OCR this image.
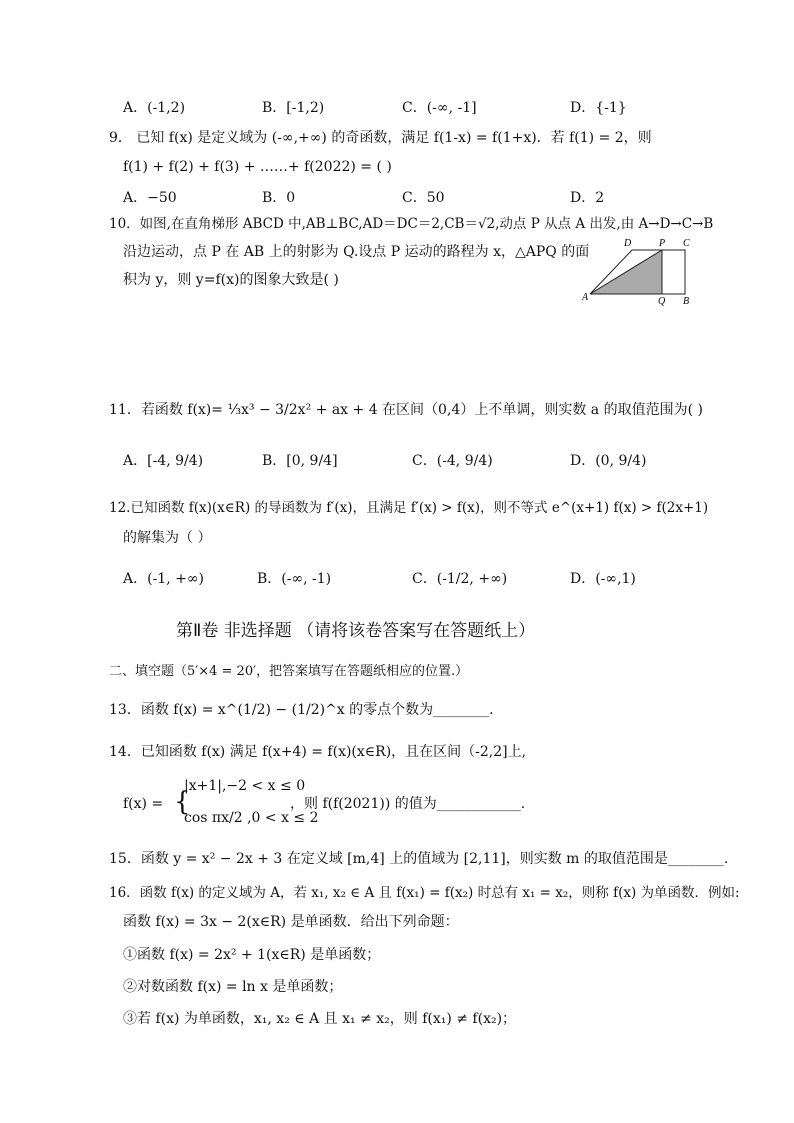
A．(-1,2)	B．[-1,2)	C．(-∞, -1]	D．{-1}
9． 已知 f(x) 是定义域为 (-∞,+∞) 的奇函数，满足 f(1-x) = f(1+x)．若 f(1) = 2，则
f(1) + f(2) + f(3) + ……+ f(2022) = ( )
A．−50	B．0	C．50	D．2
10．如图,在直角梯形 ABCD 中,AB⊥BC,AD＝DC＝2,CB＝√2,动点 P 从点 A 出发,由 A→D→C→B
沿边运动，点 P 在 AB 上的射影为 Q.设点 P 运动的路程为 x，△APQ 的面
积为 y，则 y=f(x)的图象大致是( )
D	P C
A	Q B
11．若函数 f(x)= ⅓x³ − 3/2x² + ax + 4 在区间（0,4）上不单调，则实数 a 的取值范围为( )
A．[-4, 9/4)	B．[0, 9/4]	C．(-4, 9/4)	D．(0, 9/4)
12.已知函数 f(x)(x∈R) 的导函数为 f′(x)，且满足 f′(x) > f(x)，则不等式 e^(x+1) f(x) > f(2x+1)
的解集为（ ）
A．(-1, +∞)	B．(-∞, -1)	C．(-1/2, +∞)	D．(-∞,1)
第Ⅱ卷 非选择题 （请将该卷答案写在答题纸上）
二、填空题（5′×4 = 20′，把答案填写在答题纸相应的位置.）
13．函数 f(x) = x^(1/2) − (1/2)^x 的零点个数为________.
14．已知函数 f(x) 满足 f(x+4) = f(x)(x∈R)，且在区间（-2,2]上,
f(x) = {
|x+1|,−2 < x ≤ 0
cos πx/2 ,0 < x ≤ 2
，则 f(f(2021)) 的值为____________.
15．函数 y = x² − 2x + 3 在定义域 [m,4] 上的值域为 [2,11]，则实数 m 的取值范围是________.
16．函数 f(x) 的定义域为 A，若 x₁, x₂ ∈ A 且 f(x₁) = f(x₂) 时总有 x₁ = x₂，则称 f(x) 为单函数．例如:
函数 f(x) = 3x − 2(x∈R) 是单函数．给出下列命题：
①函数 f(x) = 2x² + 1(x∈R) 是单函数；
②对数函数 f(x) = ln x 是单函数；
③若 f(x) 为单函数，x₁, x₂ ∈ A 且 x₁ ≠ x₂，则 f(x₁) ≠ f(x₂)；
